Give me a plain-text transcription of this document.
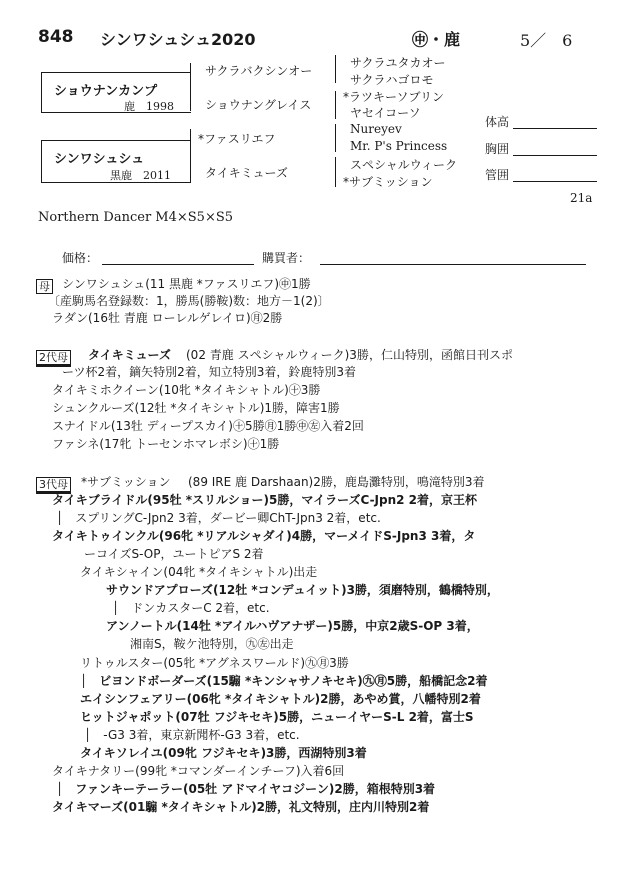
848 シンワシュシュ2020	㊥・鹿	5／　6
ショウナンカンプ
鹿　1998
シンワシュシュ
黒鹿　2011
サクラバクシンオー
ショウナングレイス
*ファスリエフ
タイキミューズ
サクラユタカオー
サクラハゴロモ
*ラツキーソブリン
ヤセイコーソ
Nureyev
Mr. P's Princess
スペシャルウィーク
*サブミッション
体高
胸囲
管囲
21a
Northern Dancer M4×S5×S5
価格：	購買者：
母 シンワシュシュ(11 黒鹿 *ファスリエフ)㊥1勝
〔産駒馬名登録数：1，勝馬(勝鞍)数：地方－1(2)〕
ラダン(16牡 青鹿 ローレルゲレイロ)㊊2勝
2代母 タイキミューズ (02 青鹿 スペシャルウィーク)3勝，仁山特別，函館日刊スポ
ーツ杯2着，鏑矢特別2着，知立特別3着，鈴鹿特別3着
タイキミホクイーン(10牝 *タイキシャトル)㊉3勝
シュンクルーズ(12牡 *タイキシャトル)1勝，障害1勝
スナイドル(13牡 ディープスカイ)㊉5勝㊊1勝㊥㊧入着2回
ファシネ(17牝 トーセンホマレボシ)㊉1勝
3代母 *サブミッション (89 IRE 鹿 Darshaan)2勝，鹿島灘特別，鳴滝特別3着
タイキブライドル(95牡 *スリルショー)5勝，マイラーズC-Jpn2 2着，京王杯
│　スプリングC-Jpn2 3着，ダービー卿ChT-Jpn3 2着，etc.
タイキトゥインクル(96牝 *リアルシャダイ)4勝，マーメイドS-Jpn3 3着，タ
ーコイズS-OP，ユートピアS 2着
タイキシャイン(04牝 *タイキシャトル)出走
サウンドアプローズ(12牡 *コンデュイット)3勝，須磨特別，鶴橋特別，
│　ドンカスターC 2着，etc.
アンノートル(14牡 *アイルハヴアナザー)5勝，中京2歳S-OP 3着，
湘南S，鞍ケ池特別，㊈㊧出走
リトゥルスター(05牝 *アグネスワールド)㊈㊊3勝
│　ビヨンドボーダーズ(15騸 *キンシャサノキセキ)㊈㊊5勝，船橋記念2着
エイシンフェアリー(06牝 *タイキシャトル)2勝，あやめ賞，八幡特別2着
ヒットジャポット(07牡 フジキセキ)5勝，ニューイヤーS-L 2着，富士S
│　-G3 3着，東京新聞杯-G3 3着，etc.
タイキソレイユ(09牝 フジキセキ)3勝，西湖特別3着
タイキナタリー(99牝 *コマンダーインチーフ)入着6回
│　ファンキーテーラー(05牡 アドマイヤコジーン)2勝，箱根特別3着
タイキマーズ(01騸 *タイキシャトル)2勝，礼文特別，庄内川特別2着
